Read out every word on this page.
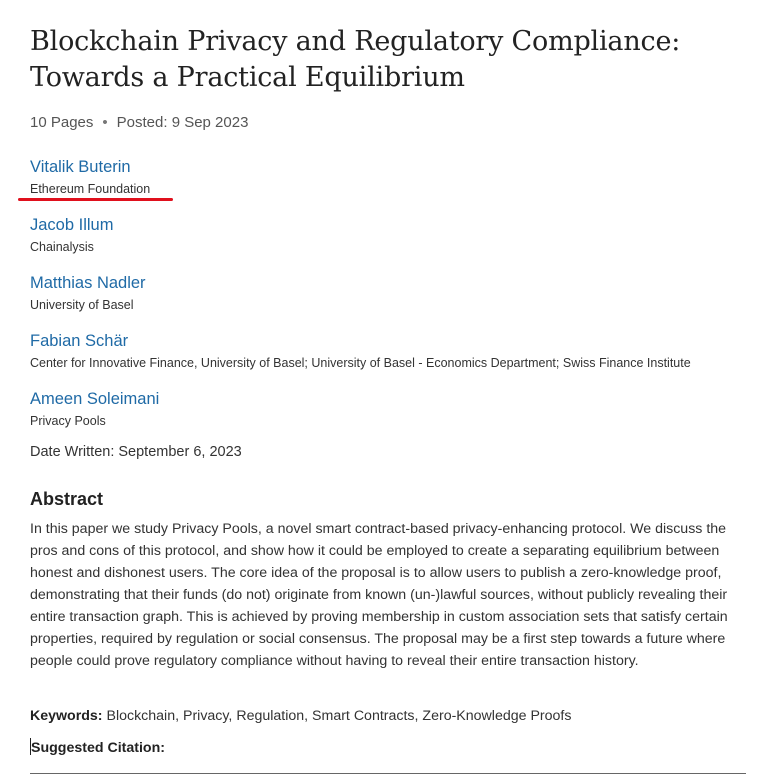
Blockchain Privacy and Regulatory Compliance: Towards a Practical Equilibrium
10 Pages • Posted: 9 Sep 2023
Vitalik Buterin
Ethereum Foundation
Jacob Illum
Chainalysis
Matthias Nadler
University of Basel
Fabian Schär
Center for Innovative Finance, University of Basel; University of Basel - Economics Department; Swiss Finance Institute
Ameen Soleimani
Privacy Pools
Date Written: September 6, 2023
Abstract

In this paper we study Privacy Pools, a novel smart contract-based privacy-enhancing protocol. We discuss the pros and cons of this protocol, and show how it could be employed to create a separating equilibrium between honest and dishonest users. The core idea of the proposal is to allow users to publish a zero-knowledge proof, demonstrating that their funds (do not) originate from known (un-)lawful sources, without publicly revealing their entire transaction graph. This is achieved by proving membership in custom association sets that satisfy certain properties, required by regulation or social consensus. The proposal may be a first step towards a future where people could prove regulatory compliance without having to reveal their entire transaction history.

Keywords: Blockchain, Privacy, Regulation, Smart Contracts, Zero-Knowledge Proofs
Suggested Citation:
